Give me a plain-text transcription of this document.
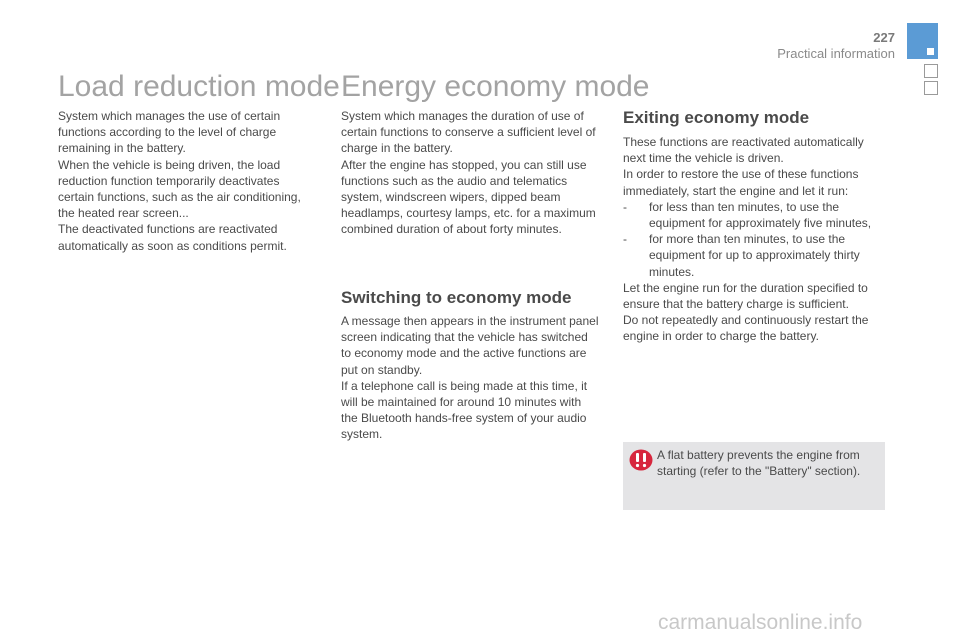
227
Practical information
Load reduction mode

System which manages the use of certain functions according to the level of charge remaining in the battery.

When the vehicle is being driven, the load reduction function temporarily deactivates certain functions, such as the air conditioning, the heated rear screen...

The deactivated functions are reactivated automatically as soon as conditions permit.

Energy economy mode

System which manages the duration of use of certain functions to conserve a sufficient level of charge in the battery.

After the engine has stopped, you can still use functions such as the audio and telematics system, windscreen wipers, dipped beam headlamps, courtesy lamps, etc. for a maximum combined duration of about forty minutes.

Switching to economy mode

A message then appears in the instrument panel screen indicating that the vehicle has switched to economy mode and the active functions are put on standby.

If a telephone call is being made at this time, it will be maintained for around 10 minutes with the Bluetooth hands-free system of your audio system.

Exiting economy mode

These functions are reactivated automatically next time the vehicle is driven.

In order to restore the use of these functions immediately, start the engine and let it run:

- for less than ten minutes, to use the equipment for approximately five minutes,
- for more than ten minutes, to use the equipment for up to approximately thirty minutes.

Let the engine run for the duration specified to ensure that the battery charge is sufficient.

Do not repeatedly and continuously restart the engine in order to charge the battery.

A flat battery prevents the engine from starting (refer to the "Battery" section).
carmanualsonline.info
